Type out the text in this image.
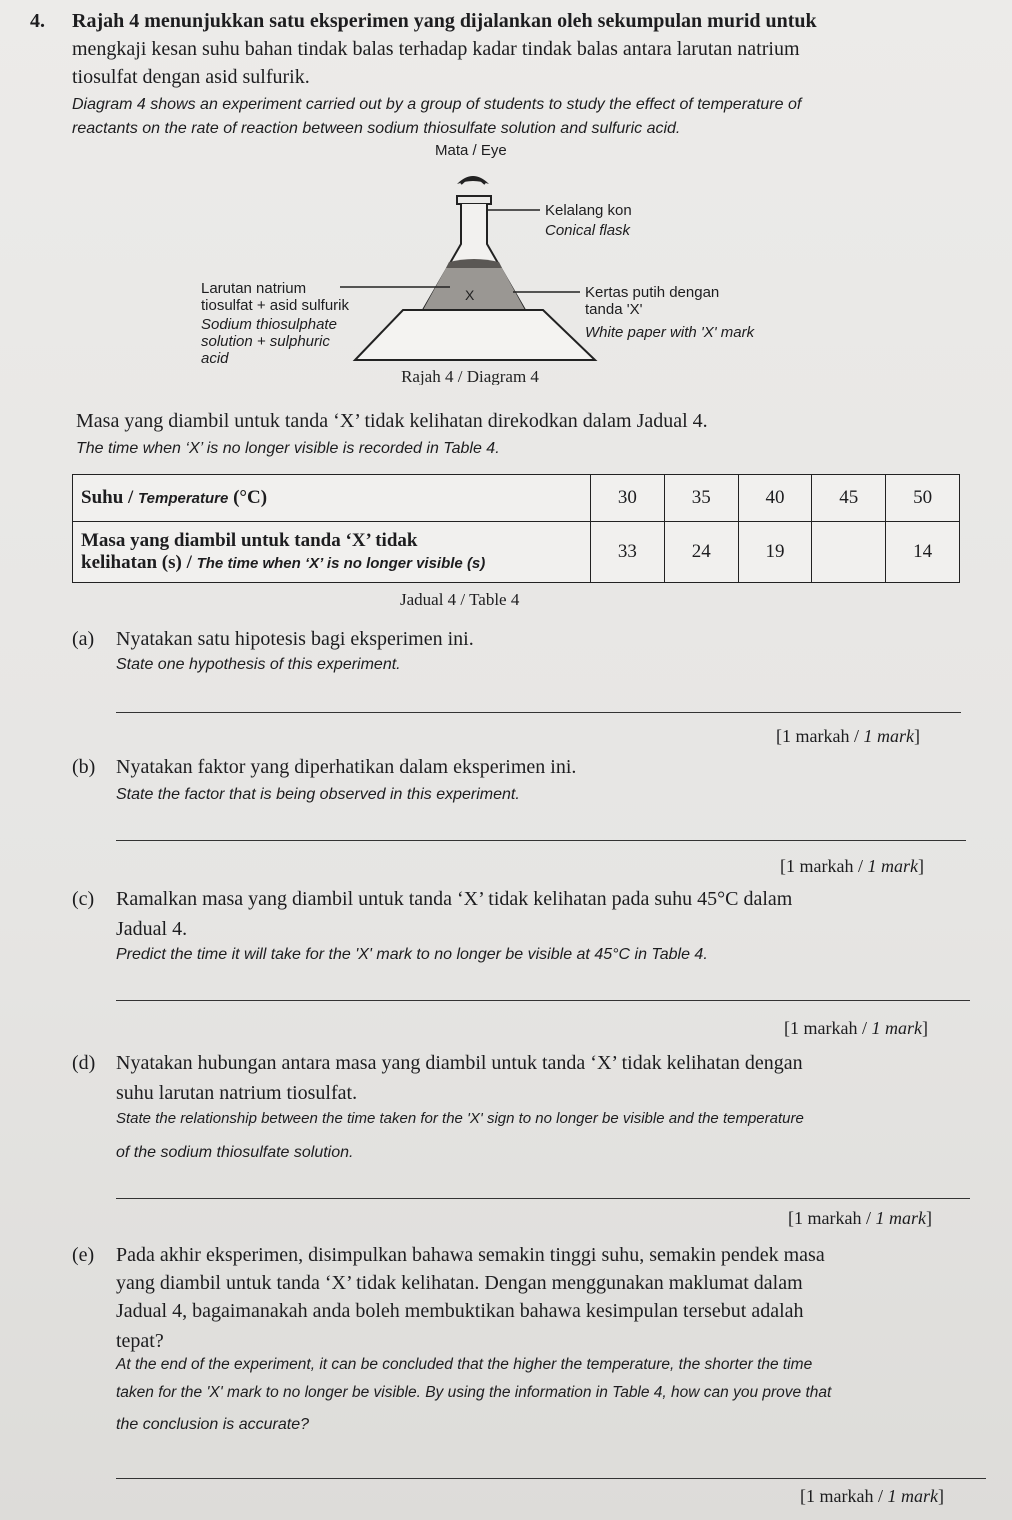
4. Rajah 4 menunjukkan satu eksperimen yang dijalankan oleh sekumpulan murid untuk
mengkaji kesan suhu bahan tindak balas terhadap kadar tindak balas antara larutan natrium
tiosulfat dengan asid sulfurik.
Diagram 4 shows an experiment carried out by a group of students to study the effect of temperature of
reactants on the rate of reaction between sodium thiosulfate solution and sulfuric acid.
Mata / Eye
X
Rajah 4 / Diagram 4
Kelalang kon
Conical flask
Larutan natrium
tiosulfat + asid sulfurik
Sodium thiosulphate
solution + sulphuric
acid
Kertas putih dengan
tanda 'X'
White paper with 'X' mark
Masa yang diambil untuk tanda ‘X’ tidak kelihatan direkodkan dalam Jadual 4.
The time when ‘X’ is no longer visible is recorded in Table 4.
Suhu / Temperature (°C)	30	35	40	45	50
Masa yang diambil untuk tanda ‘X’ tidak
kelihatan (s) / The time when ‘X’ is no longer visible (s)	33	24	19		14
Jadual 4 / Table 4
(a) Nyatakan satu hipotesis bagi eksperimen ini.
State one hypothesis of this experiment.
[1 markah / 1 mark]
(b) Nyatakan faktor yang diperhatikan dalam eksperimen ini.
State the factor that is being observed in this experiment.
[1 markah / 1 mark]
(c) Ramalkan masa yang diambil untuk tanda ‘X’ tidak kelihatan pada suhu 45°C dalam
Jadual 4.
Predict the time it will take for the 'X' mark to no longer be visible at 45°C in Table 4.
[1 markah / 1 mark]
(d) Nyatakan hubungan antara masa yang diambil untuk tanda ‘X’ tidak kelihatan dengan
suhu larutan natrium tiosulfat.
State the relationship between the time taken for the 'X' sign to no longer be visible and the temperature
of the sodium thiosulfate solution.
[1 markah / 1 mark]
(e) Pada akhir eksperimen, disimpulkan bahawa semakin tinggi suhu, semakin pendek masa
yang diambil untuk tanda ‘X’ tidak kelihatan. Dengan menggunakan maklumat dalam
Jadual 4, bagaimanakah anda boleh membuktikan bahawa kesimpulan tersebut adalah
tepat?
At the end of the experiment, it can be concluded that the higher the temperature, the shorter the time
taken for the 'X' mark to no longer be visible. By using the information in Table 4, how can you prove that
the conclusion is accurate?
[1 markah / 1 mark]
